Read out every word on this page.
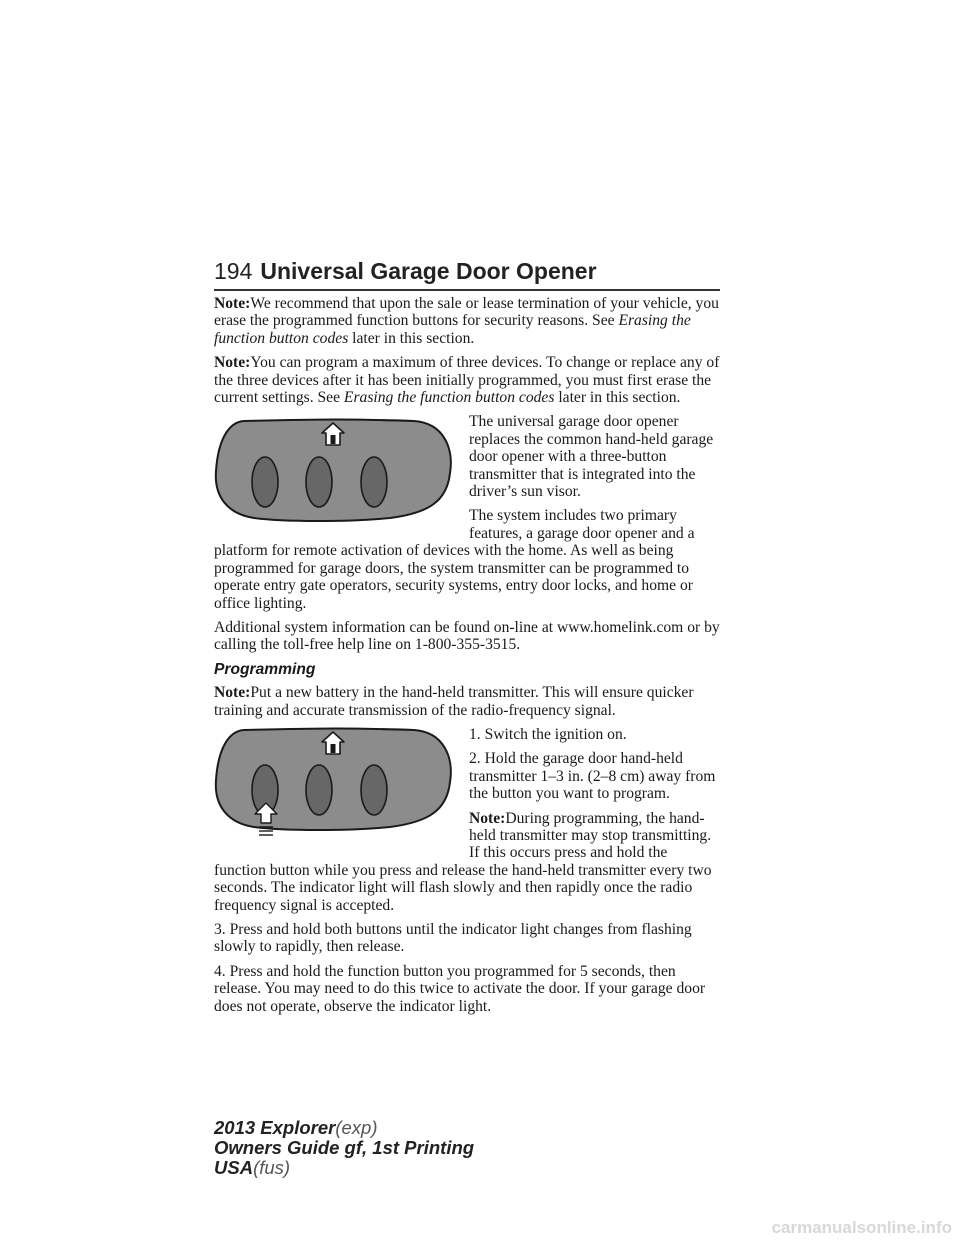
194 Universal Garage Door Opener

Note:We recommend that upon the sale or lease termination of your vehicle, you erase the programmed function buttons for security reasons. See Erasing the function button codes later in this section.

Note:You can program a maximum of three devices. To change or replace any of the three devices after it has been initially programmed, you must first erase the current settings. See Erasing the function button codes later in this section.

The universal garage door opener replaces the common hand-held garage door opener with a three-button transmitter that is integrated into the driver’s sun visor.

The system includes two primary features, a garage door opener and a platform for remote activation of devices with the home. As well as being programmed for garage doors, the system transmitter can be programmed to operate entry gate operators, security systems, entry door locks, and home or office lighting.

Additional system information can be found on-line at www.homelink.com or by calling the toll-free help line on 1-800-355-3515.

Programming

Note:Put a new battery in the hand-held transmitter. This will ensure quicker training and accurate transmission of the radio-frequency signal.

1. Switch the ignition on.

2. Hold the garage door hand-held transmitter 1–3 in. (2–8 cm) away from the button you want to program.

Note:During programming, the hand-held transmitter may stop transmitting. If this occurs press and hold the function button while you press and release the hand-held transmitter every two seconds. The indicator light will flash slowly and then rapidly once the radio frequency signal is accepted.

3. Press and hold both buttons until the indicator light changes from flashing slowly to rapidly, then release.

4. Press and hold the function button you programmed for 5 seconds, then release. You may need to do this twice to activate the door. If your garage door does not operate, observe the indicator light.

2013 Explorer(exp)
Owners Guide gf, 1st Printing
USA(fus)
carmanualsonline.info
